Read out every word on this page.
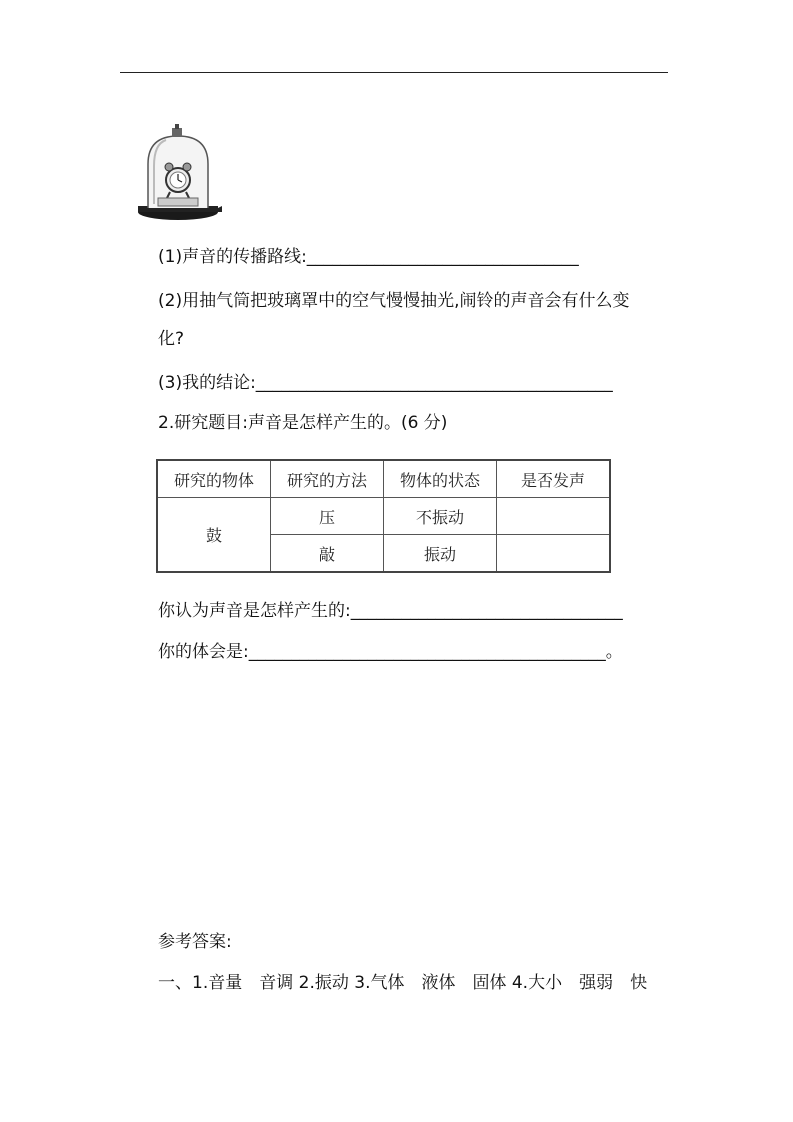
(1)声音的传播路线:________________________________
(2)用抽气筒把玻璃罩中的空气慢慢抽光,闹铃的声音会有什么变
化?
(3)我的结论:__________________________________________
2.研究题目:声音是怎样产生的。(6 分)
研究的物体	研究的方法	物体的状态	是否发声
鼓	压	不振动	
	敲	振动	
你认为声音是怎样产生的:________________________________
你的体会是:__________________________________________。
参考答案:
一、1.音量　音调 2.振动 3.气体　液体　固体 4.大小　强弱　快
